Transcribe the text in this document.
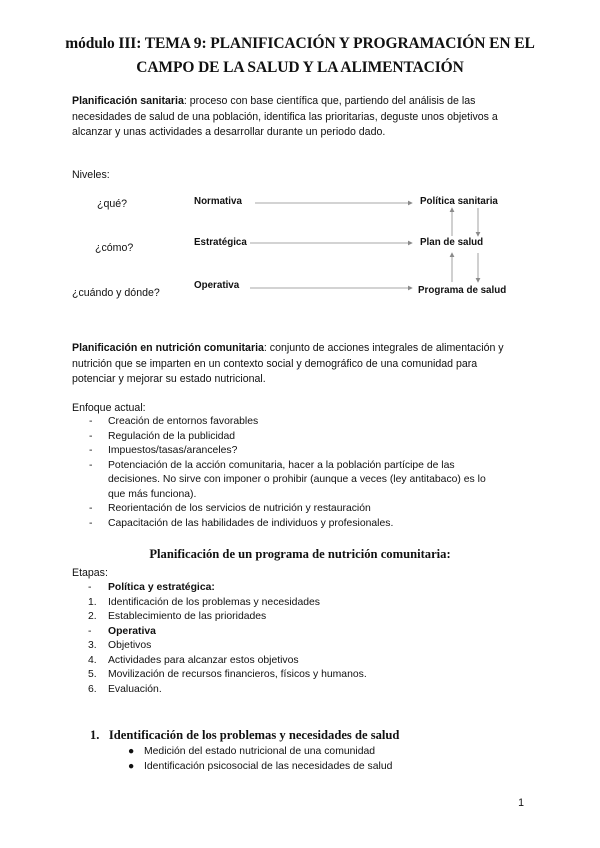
módulo III: TEMA 9: PLANIFICACIÓN Y PROGRAMACIÓN EN EL
CAMPO DE LA SALUD Y LA ALIMENTACIÓN
Planificación sanitaria: proceso con base científica que, partiendo del análisis de las
necesidades de salud de una población, identifica las prioritarias, deguste unos objetivos a
alcanzar y unas actividades a desarrollar durante un periodo dado.
Niveles:
¿qué?
¿cómo?
¿cuándo y dónde?
Normativa
Estratégica
Operativa
Política sanitaria
Plan de salud
Programa de salud
Planificación en nutrición comunitaria: conjunto de acciones integrales de alimentación y
nutrición que se imparten en un contexto social y demográfico de una comunidad para
potenciar y mejorar su estado nutricional.
Enfoque actual:
- Creación de entornos favorables
- Regulación de la publicidad
- Impuestos/tasas/aranceles?
- Potenciación de la acción comunitaria, hacer a la población partícipe de las
decisiones. No sirve con imponer o prohibir (aunque a veces (ley antitabaco) es lo
que más funciona).
- Reorientación de los servicios de nutrición y restauración
- Capacitación de las habilidades de individuos y profesionales.
Planificación de un programa de nutrición comunitaria:
Etapas:
- Política y estratégica:
1. Identificación de los problemas y necesidades
2. Establecimiento de las prioridades
- Operativa
3. Objetivos
4. Actividades para alcanzar estos objetivos
5. Movilización de recursos financieros, físicos y humanos.
6. Evaluación.
1. Identificación de los problemas y necesidades de salud
● Medición del estado nutricional de una comunidad
● Identificación psicosocial de las necesidades de salud
1
